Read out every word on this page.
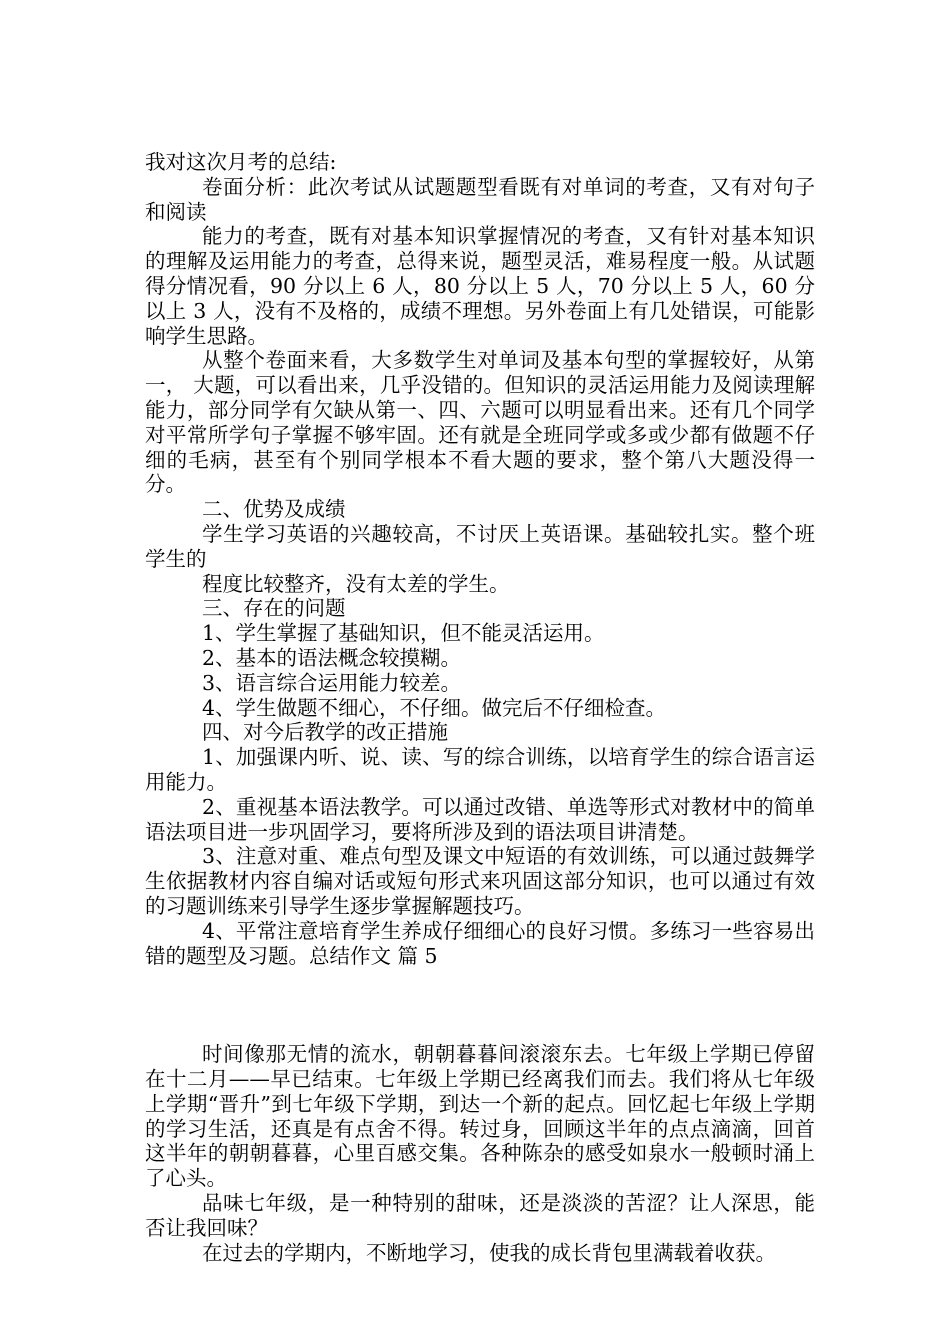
我对这次月考的总结:

卷面分析：此次考试从试题题型看既有对单词的考查，又有对句子和阅读

能力的考查，既有对基本知识掌握情况的考查，又有针对基本知识的理解及运用能力的考查，总得来说，题型灵活，难易程度一般。从试题得分情况看，90 分以上 6 人，80 分以上 5 人，70 分以上 5 人，60 分以上 3 人，没有不及格的，成绩不理想。另外卷面上有几处错误，可能影响学生思路。

从整个卷面来看，大多数学生对单词及基本句型的掌握较好，从第一， 大题，可以看出来，几乎没错的。但知识的灵活运用能力及阅读理解能力，部分同学有欠缺从第一、四、六题可以明显看出来。还有几个同学对平常所学句子掌握不够牢固。还有就是全班同学或多或少都有做题不仔细的毛病，甚至有个别同学根本不看大题的要求，整个第八大题没得一分。

二、优势及成绩

学生学习英语的兴趣较高，不讨厌上英语课。基础较扎实。整个班学生的

程度比较整齐，没有太差的学生。

三、存在的问题

1、学生掌握了基础知识，但不能灵活运用。

2、基本的语法概念较摸糊。

3、语言综合运用能力较差。

4、学生做题不细心，不仔细。做完后不仔细检查。

四、对今后教学的改正措施

1、加强课内听、说、读、写的综合训练，以培育学生的综合语言运用能力。

2、重视基本语法教学。可以通过改错、单选等形式对教材中的简单语法项目进一步巩固学习，要将所涉及到的语法项目讲清楚。

3、注意对重、难点句型及课文中短语的有效训练，可以通过鼓舞学生依据教材内容自编对话或短句形式来巩固这部分知识，也可以通过有效的习题训练来引导学生逐步掌握解题技巧。

4、平常注意培育学生养成仔细细心的良好习惯。多练习一些容易出错的题型及习题。总结作文 篇 5

时间像那无情的流水，朝朝暮暮间滚滚东去。七年级上学期已停留在十二月——早已结束。七年级上学期已经离我们而去。我们将从七年级上学期“晋升”到七年级下学期，到达一个新的起点。回忆起七年级上学期的学习生活，还真是有点舍不得。转过身，回顾这半年的点点滴滴，回首这半年的朝朝暮暮，心里百感交集。各种陈杂的感受如泉水一般顿时涌上了心头。

品味七年级，是一种特别的甜味，还是淡淡的苦涩？让人深思，能否让我回味？

在过去的学期内，不断地学习，使我的成长背包里满载着收获。
